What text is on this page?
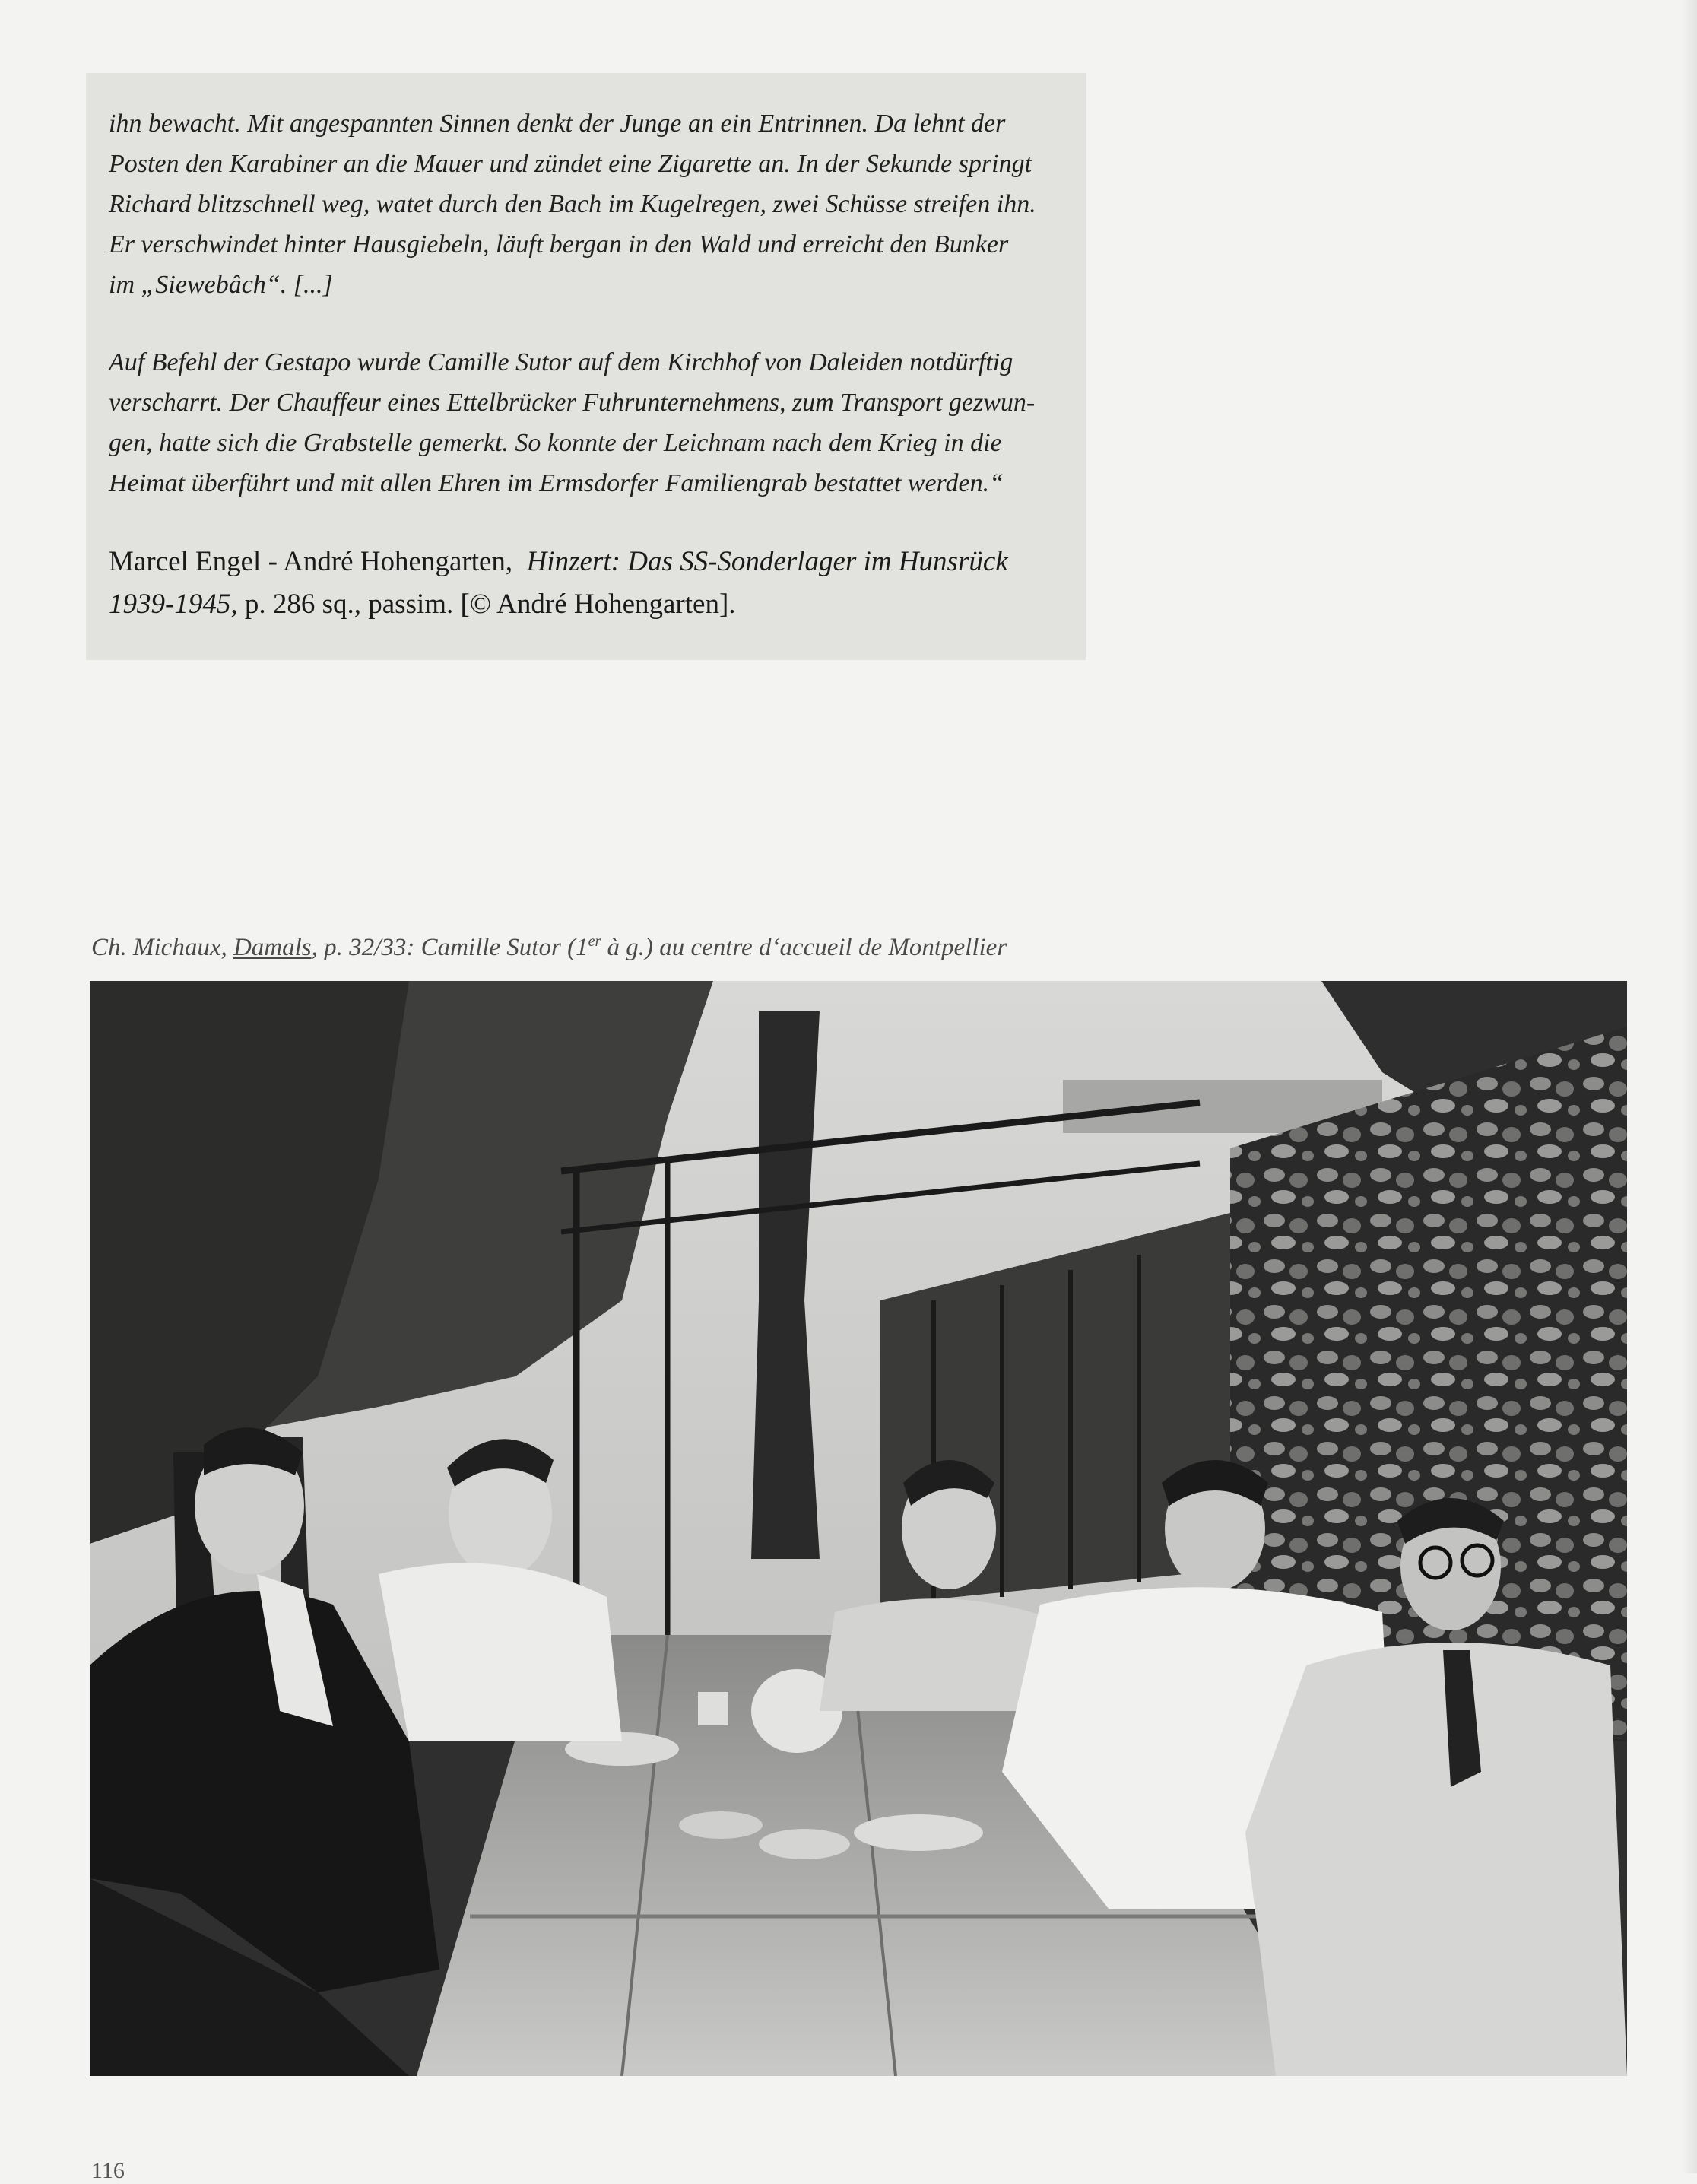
ihn bewacht. Mit angespannten Sinnen denkt der Junge an ein Entrinnen. Da lehnt der
Posten den Karabiner an die Mauer und zündet eine Zigarette an. In der Sekunde springt
Richard blitzschnell weg, watet durch den Bach im Kugelregen, zwei Schüsse streifen ihn.
Er verschwindet hinter Hausgiebeln, läuft bergan in den Wald und erreicht den Bunker
im „Siewebâch“. [...]

Auf Befehl der Gestapo wurde Camille Sutor auf dem Kirchhof von Daleiden notdürftig
verscharrt. Der Chauffeur eines Ettelbrücker Fuhrunternehmens, zum Transport gezwun-
gen, hatte sich die Grabstelle gemerkt. So konnte der Leichnam nach dem Krieg in die
Heimat überführt und mit allen Ehren im Ermsdorfer Familiengrab bestattet werden.“

Marcel Engel - André Hohengarten, Hinzert: Das SS-Sonderlager im Hunsrück
1939-1945, p. 286 sq., passim. [© André Hohengarten].

Ch. Michaux, Damals, p. 32/33: Camille Sutor (1er à g.) au centre d‘accueil de Montpellier
116
